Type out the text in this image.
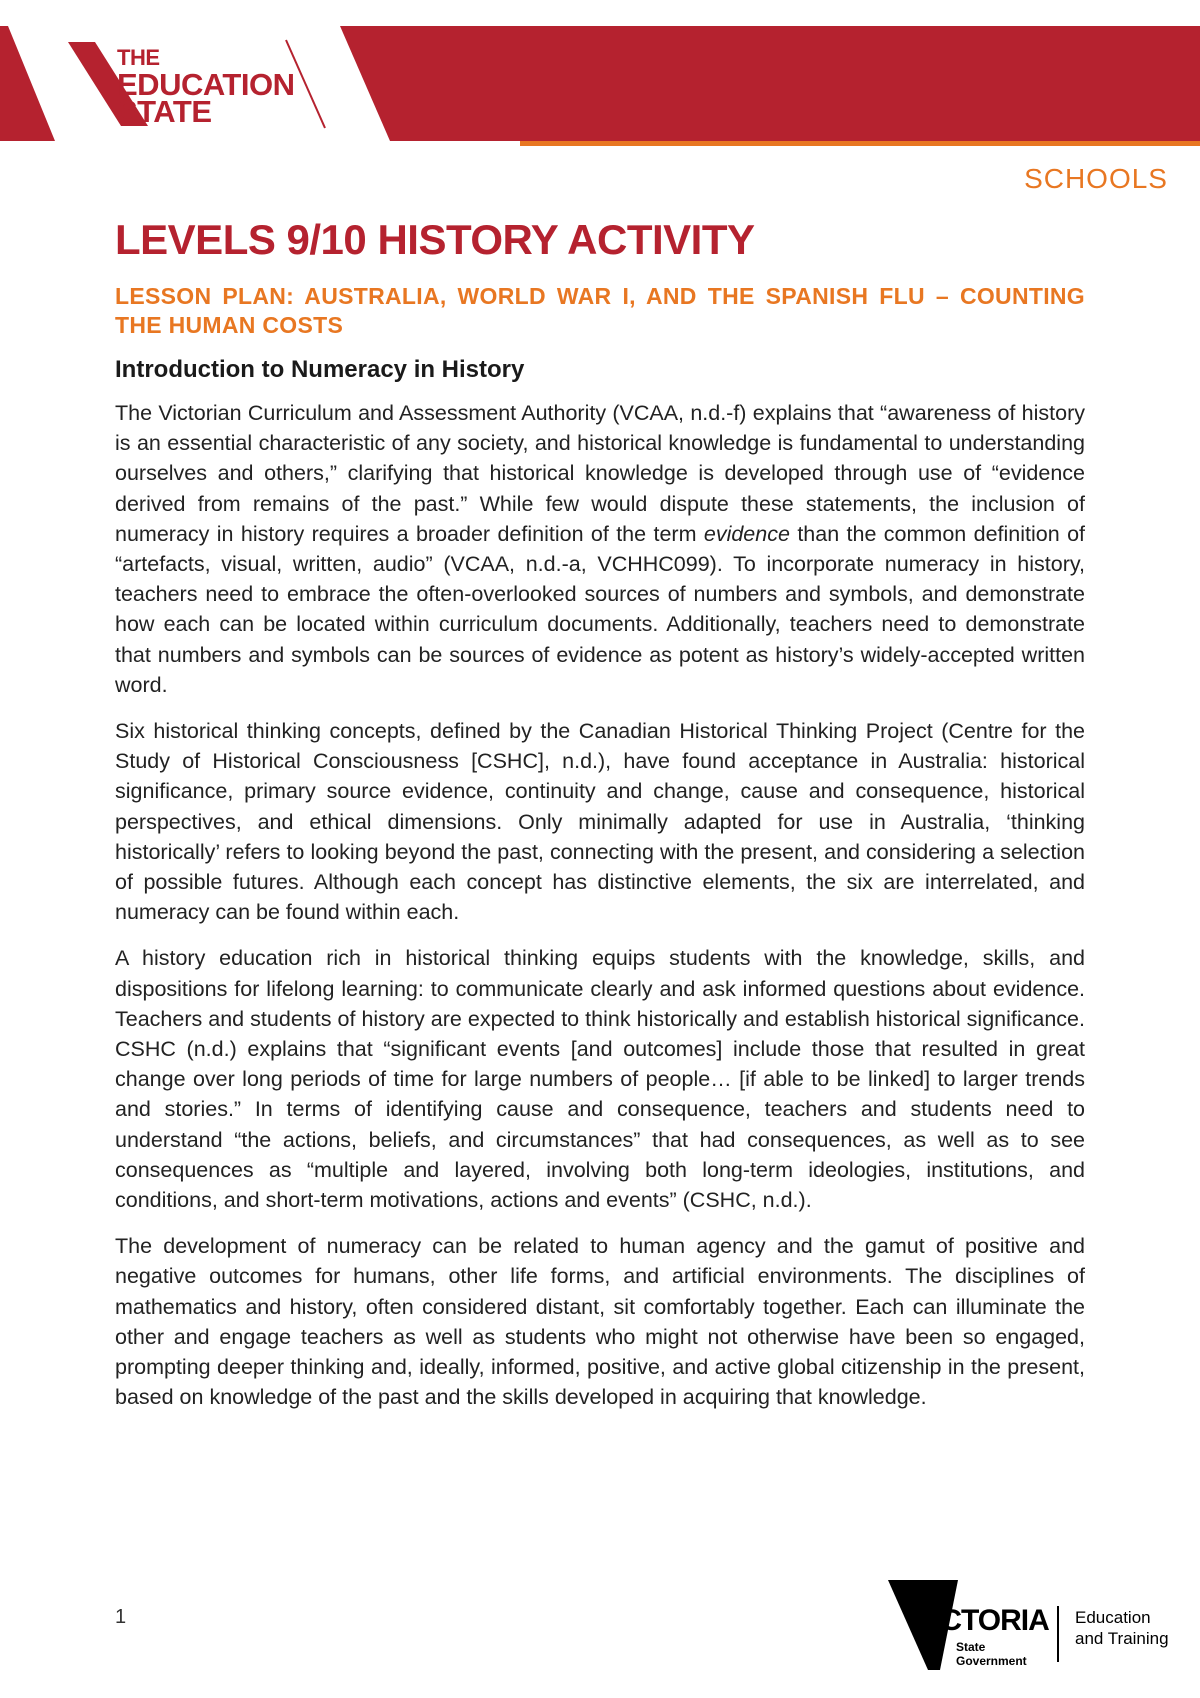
THE
EDUCATION
STATE
SCHOOLS
LEVELS 9/10 HISTORY ACTIVITY
LESSON PLAN: AUSTRALIA, WORLD WAR I, AND THE SPANISH FLU – COUNTING THE HUMAN COSTS
Introduction to Numeracy in History

The Victorian Curriculum and Assessment Authority (VCAA, n.d.-f) explains that “awareness of history is an essential characteristic of any society, and historical knowledge is fundamental to understanding ourselves and others,” clarifying that historical knowledge is developed through use of “evidence derived from remains of the past.” While few would dispute these statements, the inclusion of numeracy in history requires a broader definition of the term evidence than the common definition of “artefacts, visual, written, audio” (VCAA, n.d.-a, VCHHC099). To incorporate numeracy in history, teachers need to embrace the often-overlooked sources of numbers and symbols, and demonstrate how each can be located within curriculum documents. Additionally, teachers need to demonstrate that numbers and symbols can be sources of evidence as potent as history’s widely-accepted written word.

Six historical thinking concepts, defined by the Canadian Historical Thinking Project (Centre for the Study of Historical Consciousness [CSHC], n.d.), have found acceptance in Australia: historical significance, primary source evidence, continuity and change, cause and consequence, historical perspectives, and ethical dimensions. Only minimally adapted for use in Australia, ‘thinking historically’ refers to looking beyond the past, connecting with the present, and considering a selection of possible futures. Although each concept has distinctive elements, the six are interrelated, and numeracy can be found within each.

A history education rich in historical thinking equips students with the knowledge, skills, and dispositions for lifelong learning: to communicate clearly and ask informed questions about evidence. Teachers and students of history are expected to think historically and establish historical significance. CSHC (n.d.) explains that “significant events [and outcomes] include those that resulted in great change over long periods of time for large numbers of people… [if able to be linked] to larger trends and stories.” In terms of identifying cause and consequence, teachers and students need to understand “the actions, beliefs, and circumstances” that had consequences, as well as to see consequences as “multiple and layered, involving both long-term ideologies, institutions, and conditions, and short-term motivations, actions and events” (CSHC, n.d.).

The development of numeracy can be related to human agency and the gamut of positive and negative outcomes for humans, other life forms, and artificial environments. The disciplines of mathematics and history, often considered distant, sit comfortably together. Each can illuminate the other and engage teachers as well as students who might not otherwise have been so engaged, prompting deeper thinking and, ideally, informed, positive, and active global citizenship in the present, based on knowledge of the past and the skills developed in acquiring that knowledge.

1	VICTORIA
State
Government
Education
and Training
